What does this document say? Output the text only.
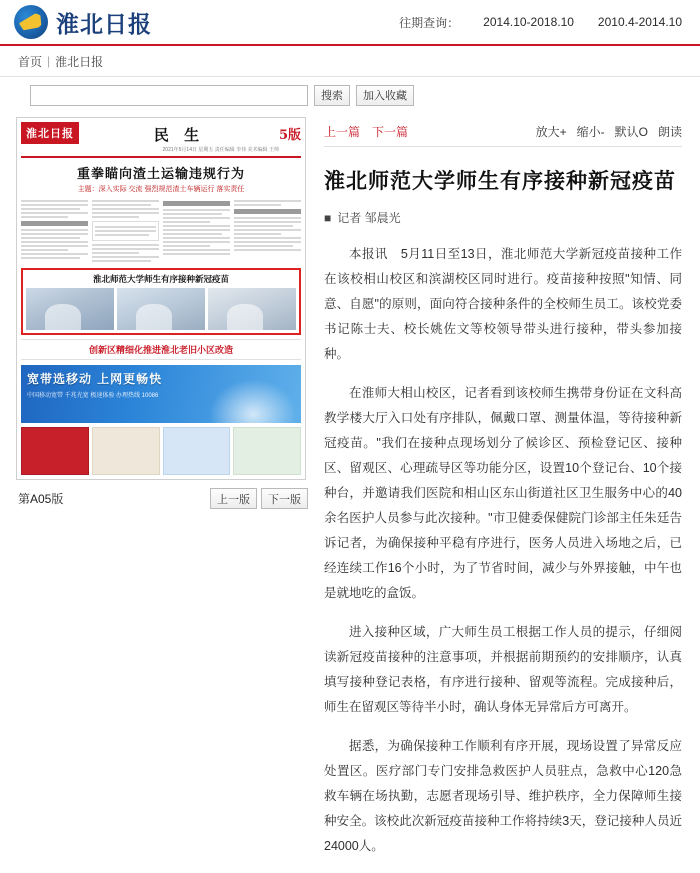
淮北日报	往期查询： 2014.10-2018.10 2010.4-2014.10
首页 | 淮北日报
搜索	加入收藏
淮北日报	民 生
2021年5月14日 星期五 责任编辑 李伟 美术编辑 王帅
5版
重拳瞄向渣土运输违规行为
主题：深入实际 交流 强烈规范渣土车辆运行 落实责任
淮北师范大学师生有序接种新冠疫苗
创新区精细化推进淮北老旧小区改造
宽带选移动 上网更畅快
中国移动宽带 千兆光宽 极速体验 办理热线 10086
第A05版	上一版	下一版
上一篇 下一篇	放大+ 缩小- 默认O 朗读
淮北师范大学师生有序接种新冠疫苗
■ 记者 邹晨光

本报讯　5月11日至13日，淮北师范大学新冠疫苗接种工作在该校相山校区和滨湖校区同时进行。疫苗接种按照"知情、同意、自愿"的原则，面向符合接种条件的全校师生员工。该校党委书记陈士夫、校长姚佐文等校领导带头进行接种，带头参加接种。

在淮师大相山校区，记者看到该校师生携带身份证在文科高教学楼大厅入口处有序排队，佩戴口罩、测量体温，等待接种新冠疫苗。"我们在接种点现场划分了候诊区、预检登记区、接种区、留观区、心理疏导区等功能分区，设置10个登记台、10个接种台，并邀请我们医院和相山区东山街道社区卫生服务中心的40余名医护人员参与此次接种。"市卫健委保健院门诊部主任朱廷告诉记者，为确保接种平稳有序进行，医务人员进入场地之后，已经连续工作16个小时，为了节省时间，减少与外界接触，中午也是就地吃的盒饭。

进入接种区域，广大师生员工根据工作人员的提示，仔细阅读新冠疫苗接种的注意事项，并根据前期预约的安排顺序，认真填写接种登记表格，有序进行接种、留观等流程。完成接种后，师生在留观区等待半小时，确认身体无异常后方可离开。

据悉，为确保接种工作顺利有序开展，现场设置了异常反应处置区。医疗部门专门安排急救医护人员驻点，急救中心120急救车辆在场执勤，志愿者现场引导、维护秩序，全力保障师生接种安全。该校此次新冠疫苗接种工作将持续3天，登记接种人员近24000人。
